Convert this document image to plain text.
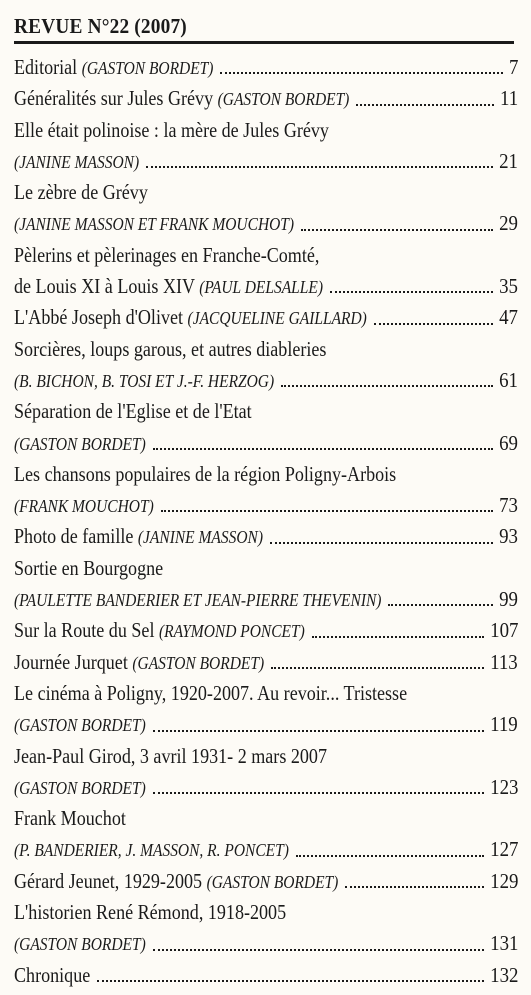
REVUE N°22 (2007)
Editorial (GASTON BORDET)	7
Généralités sur Jules Grévy (GASTON BORDET)	11
Elle était polinoise : la mère de Jules Grévy
(JANINE MASSON)	21
Le zèbre de Grévy
(JANINE MASSON ET FRANK MOUCHOT)	29
Pèlerins et pèlerinages en Franche-Comté,
de Louis XI à Louis XIV (PAUL DELSALLE)	35
L'Abbé Joseph d'Olivet (JACQUELINE GAILLARD)	47
Sorcières, loups garous, et autres diableries
(B. BICHON, B. TOSI ET J.-F. HERZOG)	61
Séparation de l'Eglise et de l'Etat
(GASTON BORDET)	69
Les chansons populaires de la région Poligny-Arbois
(FRANK MOUCHOT)	73
Photo de famille (JANINE MASSON)	93
Sortie en Bourgogne
(PAULETTE BANDERIER ET JEAN-PIERRE THEVENIN)	99
Sur la Route du Sel (RAYMOND PONCET)	107
Journée Jurquet (GASTON BORDET)	113
Le cinéma à Poligny, 1920-2007. Au revoir... Tristesse
(GASTON BORDET)	119
Jean-Paul Girod, 3 avril 1931- 2 mars 2007
(GASTON BORDET)	123
Frank Mouchot
(P. BANDERIER, J. MASSON, R. PONCET)	127
Gérard Jeunet, 1929-2005 (GASTON BORDET)	129
L'historien René Rémond, 1918-2005
(GASTON BORDET)	131
Chronique	132
